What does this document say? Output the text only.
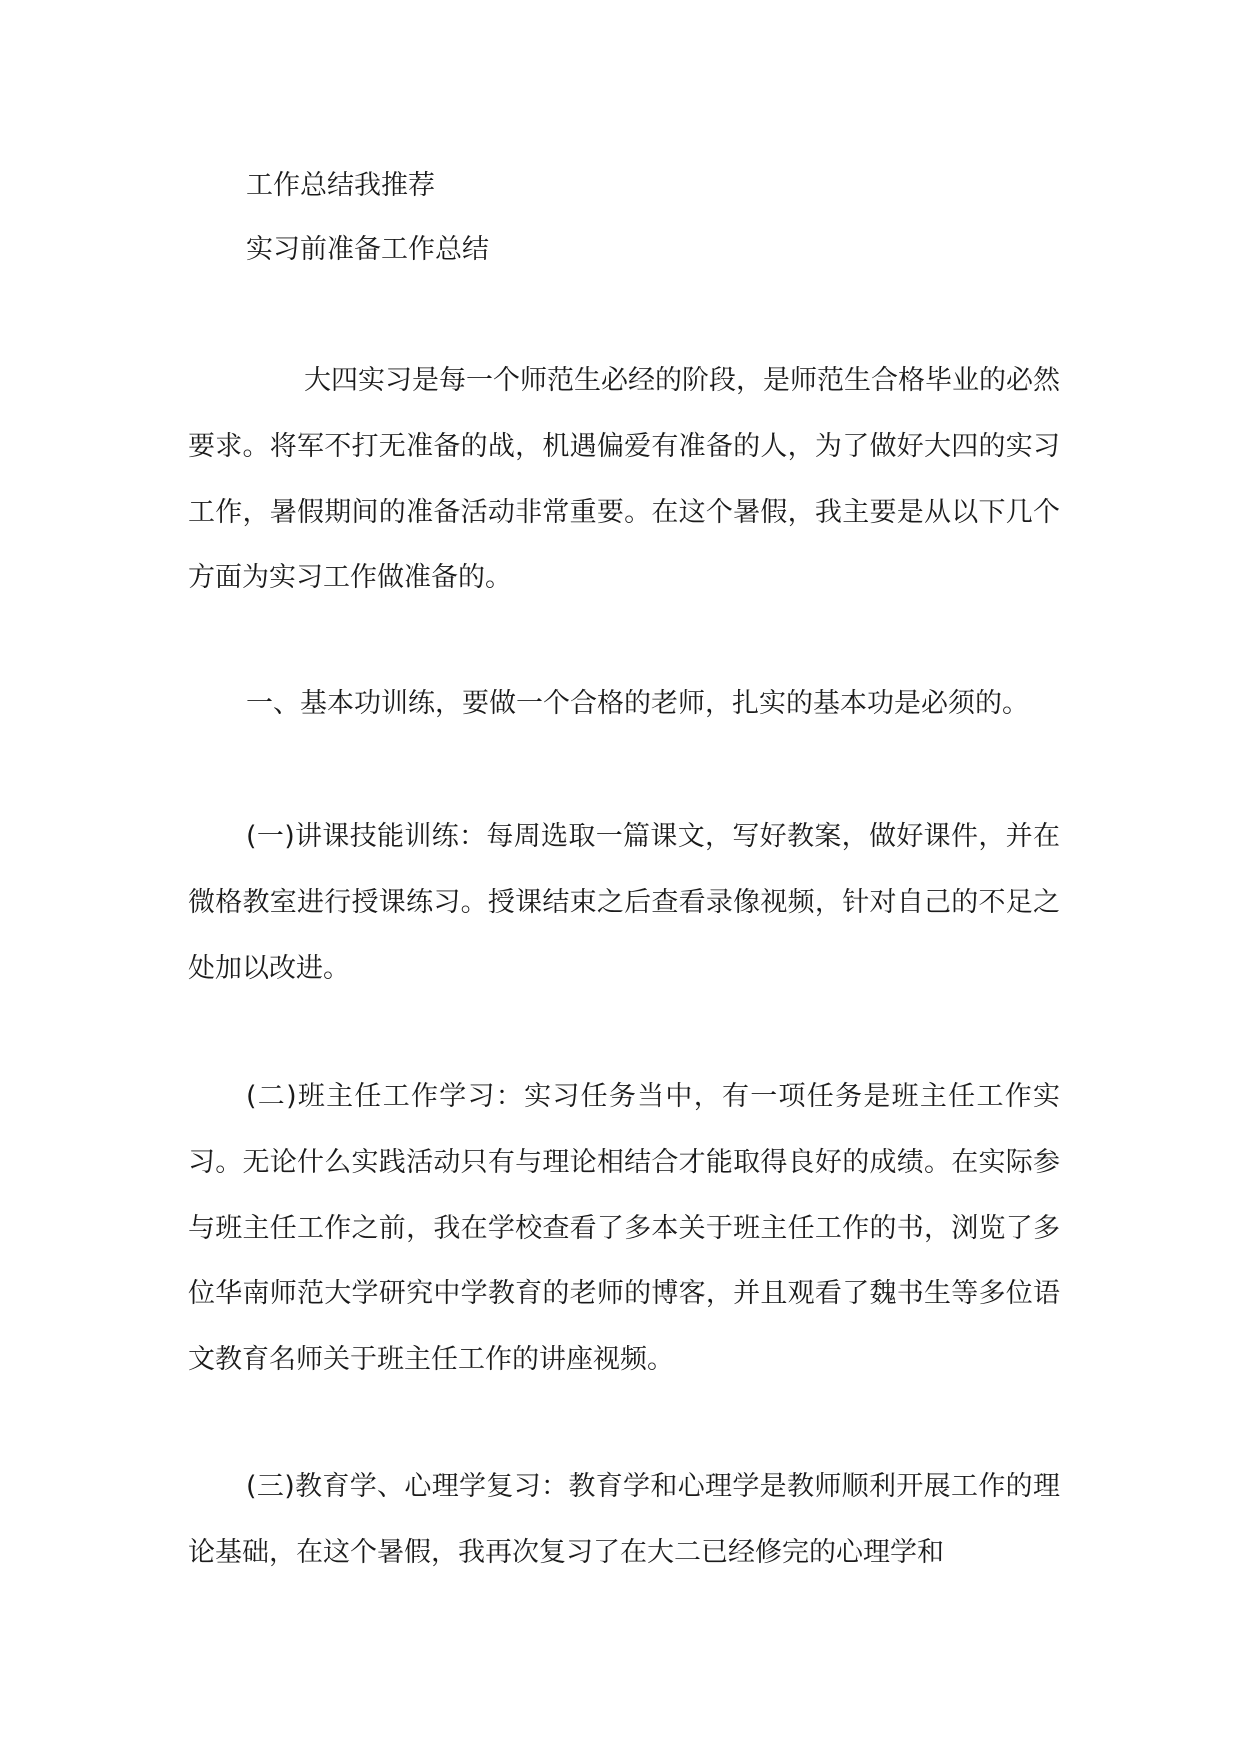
工作总结我推荐

实习前准备工作总结

大四实习是每一个师范生必经的阶段，是师范生合格毕业的必然要求。将军不打无准备的战，机遇偏爱有准备的人，为了做好大四的实习工作，暑假期间的准备活动非常重要。在这个暑假，我主要是从以下几个方面为实习工作做准备的。

一、基本功训练，要做一个合格的老师，扎实的基本功是必须的。

(一)讲课技能训练：每周选取一篇课文，写好教案，做好课件，并在微格教室进行授课练习。授课结束之后查看录像视频，针对自己的不足之处加以改进。

(二)班主任工作学习：实习任务当中，有一项任务是班主任工作实习。无论什么实践活动只有与理论相结合才能取得良好的成绩。在实际参与班主任工作之前，我在学校查看了多本关于班主任工作的书，浏览了多位华南师范大学研究中学教育的老师的博客，并且观看了魏书生等多位语文教育名师关于班主任工作的讲座视频。

(三)教育学、心理学复习：教育学和心理学是教师顺利开展工作的理论基础，在这个暑假，我再次复习了在大二已经修完的心理学和
